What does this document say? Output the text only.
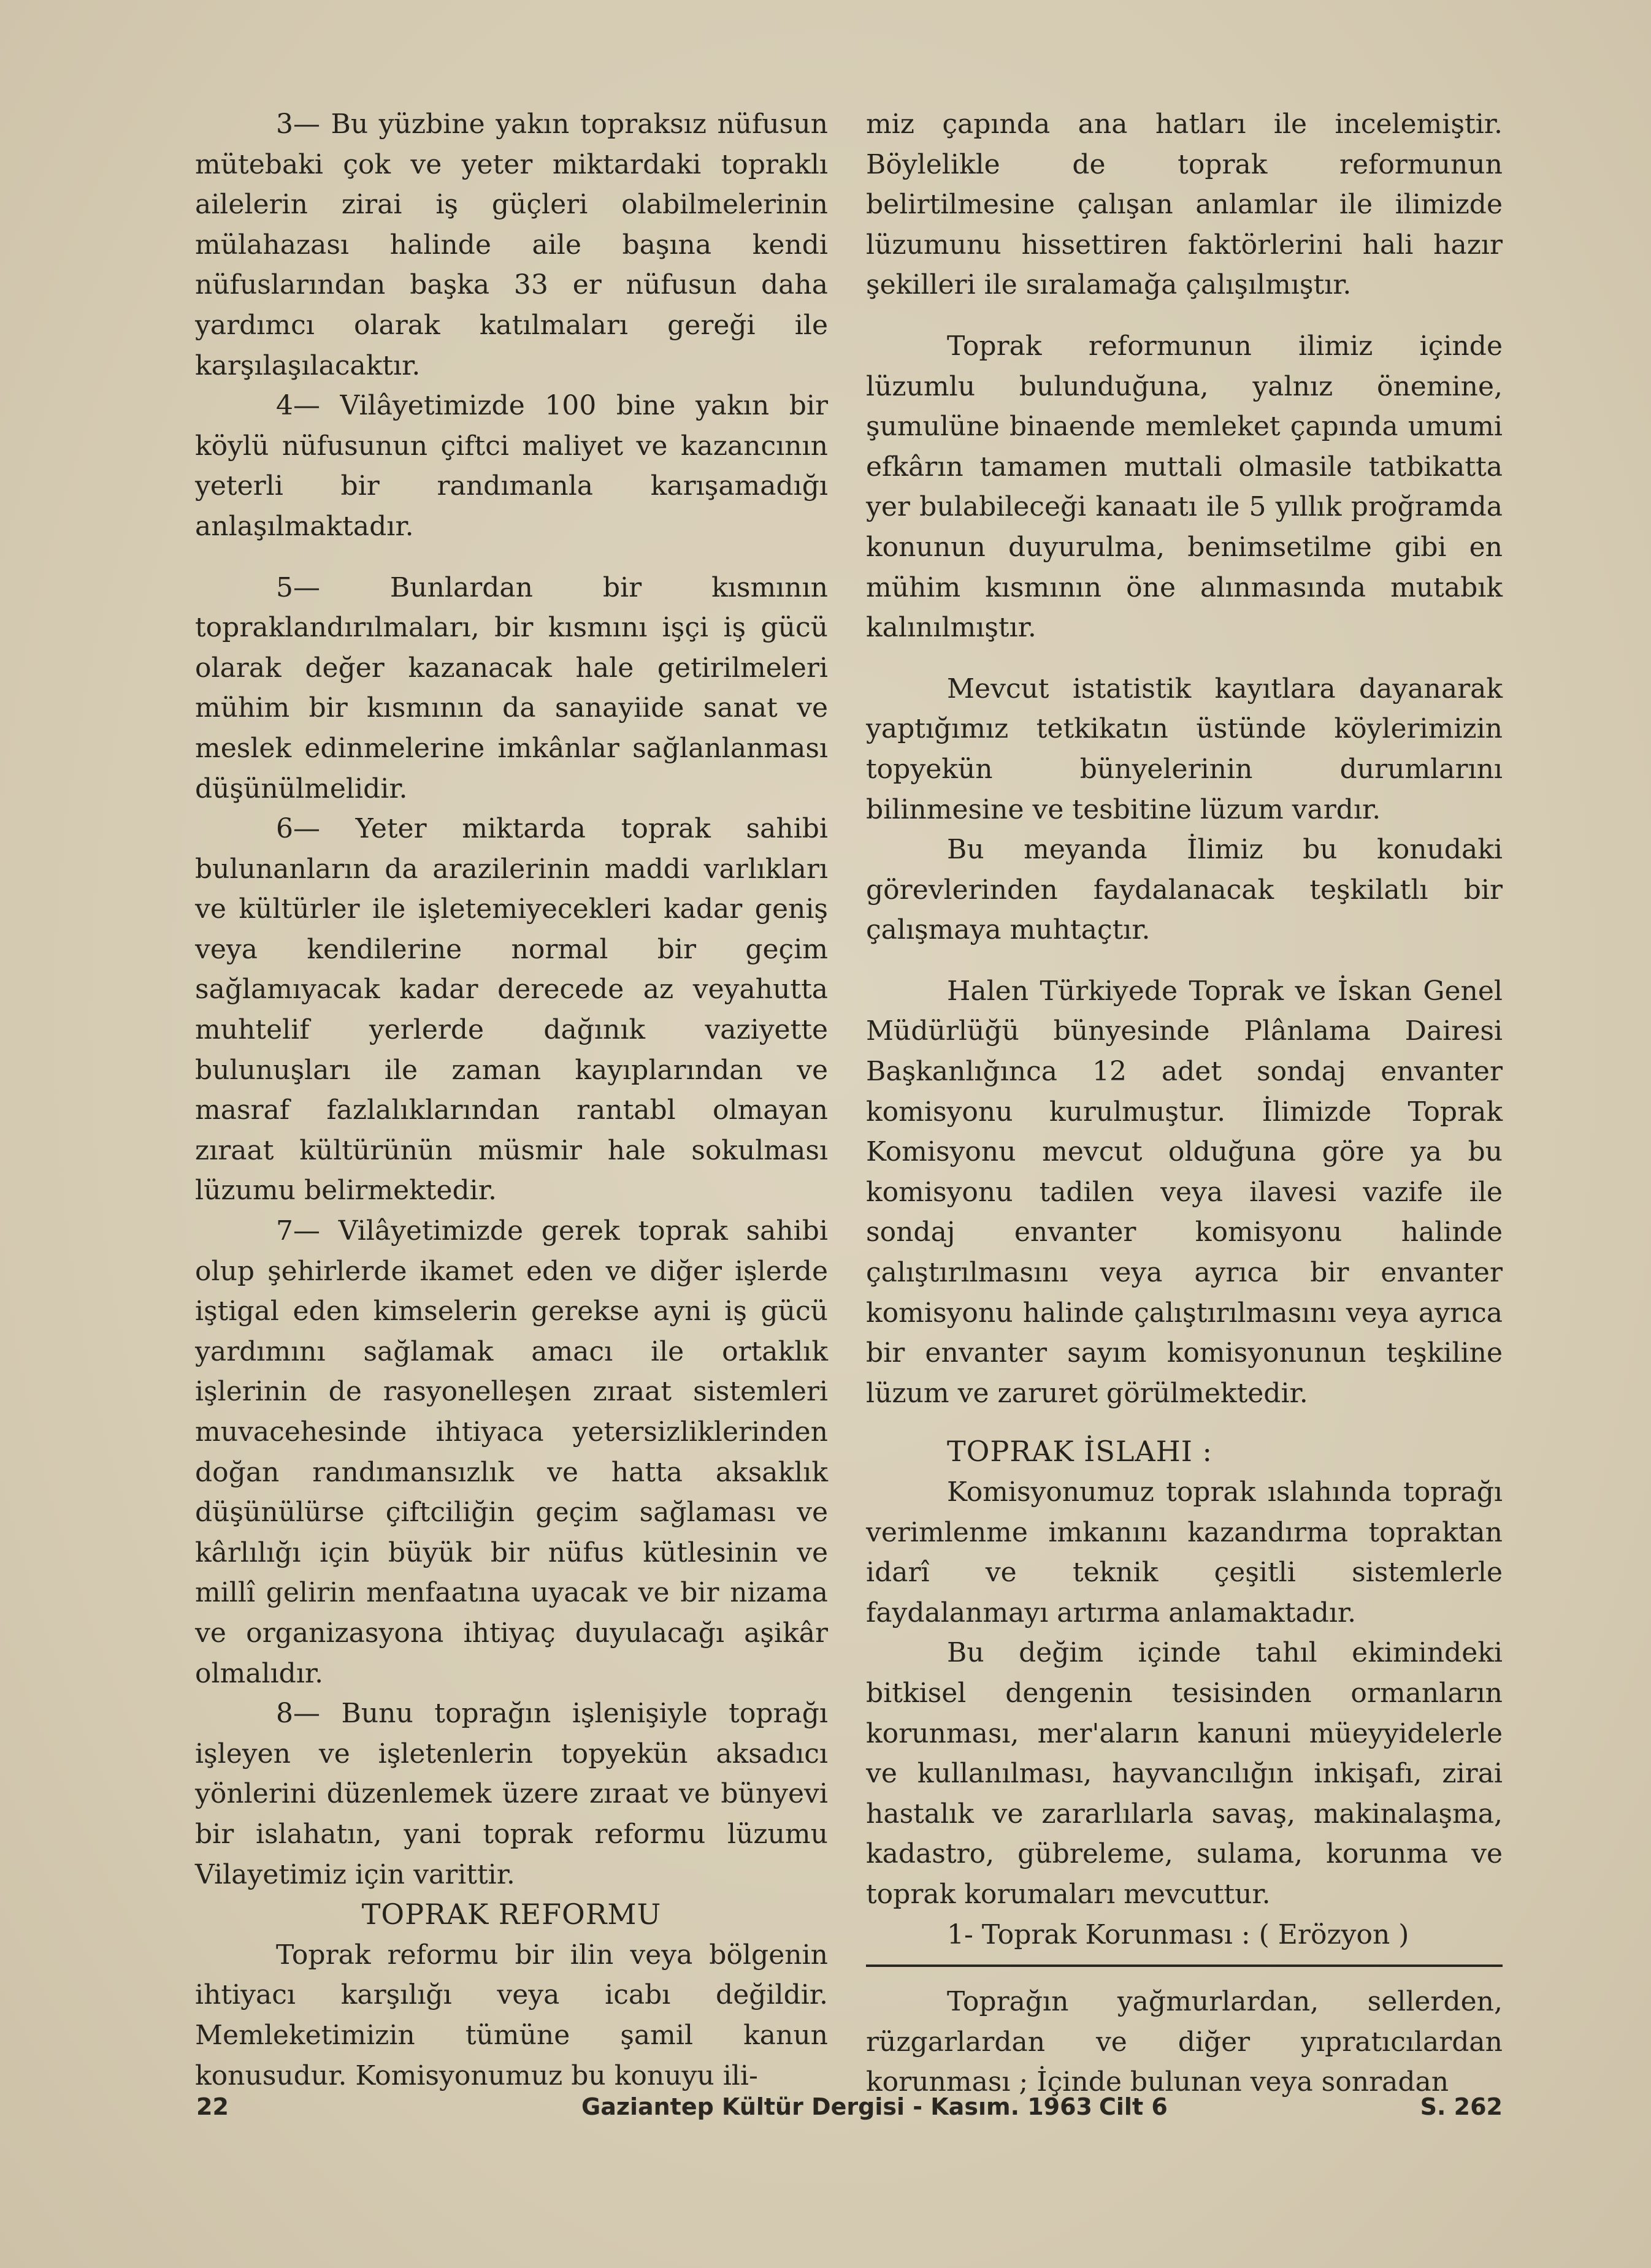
3— Bu yüzbine yakın topraksız nüfusun mütebaki çok ve yeter miktardaki topraklı ailelerin zirai iş güçleri olabilmelerinin mülahazası halinde aile başına kendi nüfuslarından başka 33 er nüfusun daha yardımcı olarak katılmaları gereği ile karşılaşılacaktır.

4— Vilâyetimizde 100 bine yakın bir köylü nüfusunun çiftci maliyet ve kazancının yeterli bir randımanla karışamadığı anlaşılmaktadır.

5— Bunlardan bir kısmının topraklandırılmaları, bir kısmını işçi iş gücü olarak değer kazanacak hale getirilmeleri mühim bir kısmının da sanayiide sanat ve meslek edinmelerine imkânlar sağlanlanması düşünülmelidir.

6— Yeter miktarda toprak sahibi bulunanların da arazilerinin maddi varlıkları ve kültürler ile işletemiyecekleri kadar geniş veya kendilerine normal bir geçim sağlamıyacak kadar derecede az veyahutta muhtelif yerlerde dağınık vaziyette bulunuşları ile zaman kayıplarından ve masraf fazlalıklarından rantabl olmayan zıraat kültürünün müsmir hale sokulması lüzumu belirmektedir.

7— Vilâyetimizde gerek toprak sahibi olup şehirlerde ikamet eden ve diğer işlerde iştigal eden kimselerin gerekse ayni iş gücü yardımını sağlamak amacı ile ortaklık işlerinin de rasyonelleşen zıraat sistemleri muvacehesinde ihtiyaca yetersizliklerinden doğan randımansızlık ve hatta aksaklık düşünülürse çiftciliğin geçim sağlaması ve kârlılığı için büyük bir nüfus kütlesinin ve millî gelirin menfaatına uyacak ve bir nizama ve organizasyona ihtiyaç duyulacağı aşikâr olmalıdır.

8— Bunu toprağın işlenişiyle toprağı işleyen ve işletenlerin topyekün aksadıcı yönlerini düzenlemek üzere zıraat ve bünyevi bir islahatın, yani toprak reformu lüzumu Vilayetimiz için varittir.

TOPRAK REFORMU

Toprak reformu bir ilin veya bölgenin ihtiyacı karşılığı veya icabı değildir. Memleketimizin tümüne şamil kanun konusudur. Komisyonumuz bu konuyu ili-

miz çapında ana hatları ile incelemiştir. Böylelikle de toprak reformunun belirtilmesine çalışan anlamlar ile ilimizde lüzumunu hissettiren faktörlerini hali hazır şekilleri ile sıralamağa çalışılmıştır.

Toprak reformunun ilimiz içinde lüzumlu bulunduğuna, yalnız önemine, şumulüne binaende memleket çapında umumi efkârın tamamen muttali olmasile tatbikatta yer bulabileceği kanaatı ile 5 yıllık proğramda konunun duyurulma, benimsetilme gibi en mühim kısmının öne alınmasında mutabık kalınılmıştır.

Mevcut istatistik kayıtlara dayanarak yaptığımız tetkikatın üstünde köylerimizin topyekün bünyelerinin durumlarını bilinmesine ve tesbitine lüzum vardır.

Bu meyanda İlimiz bu konudaki görevlerinden faydalanacak teşkilatlı bir çalışmaya muhtaçtır.

Halen Türkiyede Toprak ve İskan Genel Müdürlüğü bünyesinde Plânlama Dairesi Başkanlığınca 12 adet sondaj envanter komisyonu kurulmuştur. İlimizde Toprak Komisyonu mevcut olduğuna göre ya bu komisyonu tadilen veya ilavesi vazife ile sondaj envanter komisyonu halinde çalıştırılmasını veya ayrıca bir envanter komisyonu halinde çalıştırılmasını veya ayrıca bir envanter sayım komisyonunun teşkiline lüzum ve zaruret görülmektedir.

TOPRAK İSLAHI :

Komisyonumuz toprak ıslahında toprağı verimlenme imkanını kazandırma topraktan idarî ve teknik çeşitli sistemlerle faydalanmayı artırma anlamaktadır.

Bu değim içinde tahıl ekimindeki bitkisel dengenin tesisinden ormanların korunması, mer'aların kanuni müeyyidelerle ve kullanılması, hayvancılığın inkişafı, zirai hastalık ve zararlılarla savaş, makinalaşma, kadastro, gübreleme, sulama, korunma ve toprak korumaları mevcuttur.

1- Toprak Korunması : ( Erözyon )

Toprağın yağmurlardan, sellerden, rüzgarlardan ve diğer yıpratıcılardan korunması ; İçinde bulunan veya sonradan

22	Gaziantep Kültür Dergisi - Kasım. 1963 Cilt 6	S. 262
